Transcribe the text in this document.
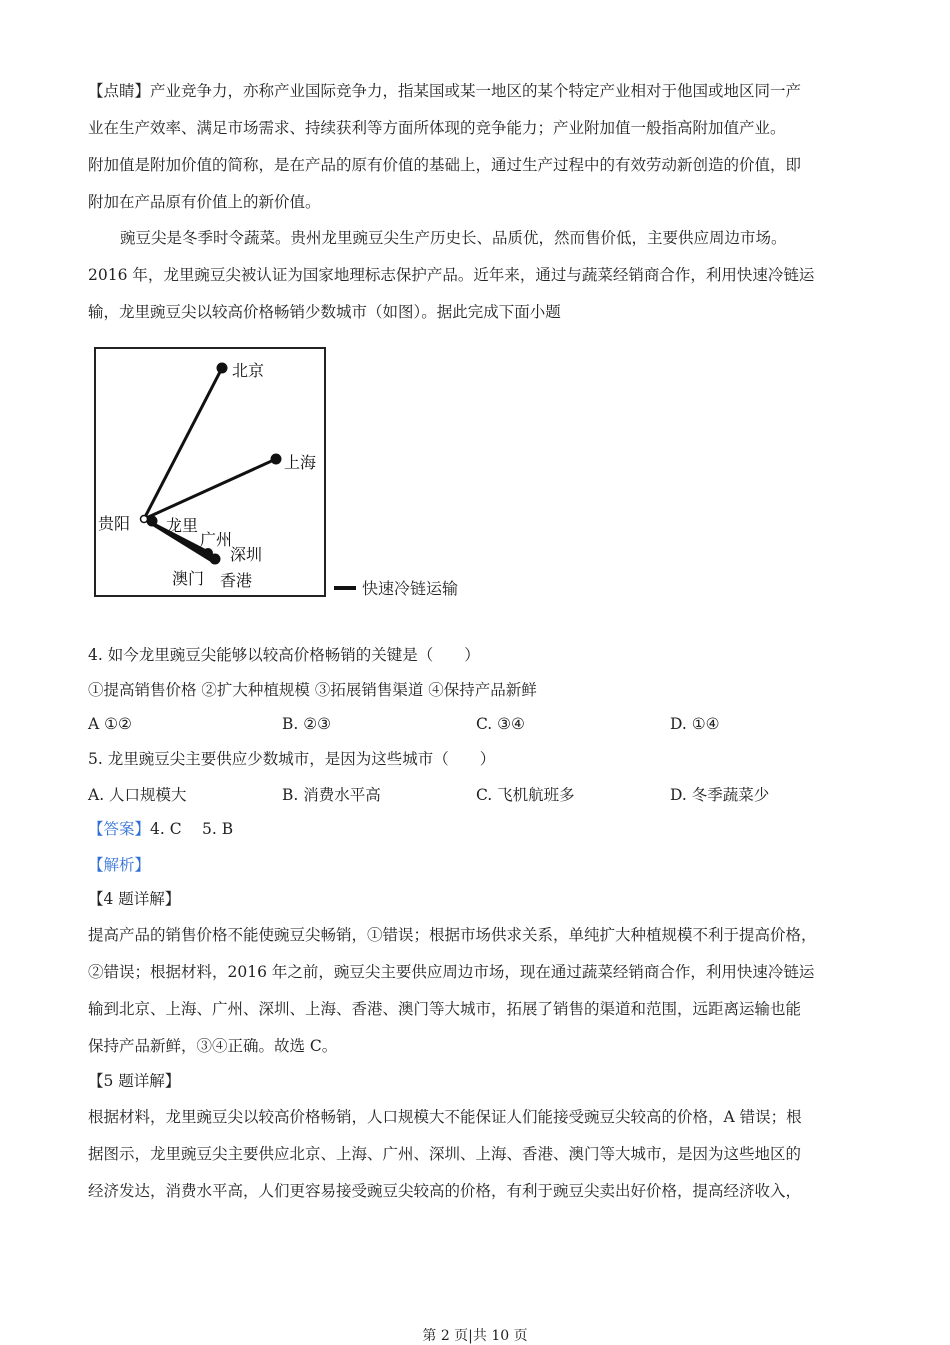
【点睛】产业竞争力，亦称产业国际竞争力，指某国或某一地区的某个特定产业相对于他国或地区同一产
业在生产效率、满足市场需求、持续获利等方面所体现的竞争能力；产业附加值一般指高附加值产业。
附加值是附加价值的简称，是在产品的原有价值的基础上，通过生产过程中的有效劳动新创造的价值，即
附加在产品原有价值上的新价值。
豌豆尖是冬季时令蔬菜。贵州龙里豌豆尖生产历史长、品质优，然而售价低，主要供应周边市场。
2016 年，龙里豌豆尖被认证为国家地理标志保护产品。近年来，通过与蔬菜经销商合作，利用快速冷链运
输，龙里豌豆尖以较高价格畅销少数城市（如图）。据此完成下面小题
北京
上海
贵阳 龙里
广州
深圳
澳门 香港	快速冷链运输
4. 如今龙里豌豆尖能够以较高价格畅销的关键是（　　）
①提高销售价格 ②扩大种植规模 ③拓展销售渠道 ④保持产品新鲜
A ①②	B. ②③	C. ③④	D. ①④
5. 龙里豌豆尖主要供应少数城市，是因为这些城市（　　）
A. 人口规模大	B. 消费水平高	C. 飞机航班多	D. 冬季蔬菜少
【答案】4. C　 5. B
【解析】
【4 题详解】
提高产品的销售价格不能使豌豆尖畅销，①错误；根据市场供求关系，单纯扩大种植规模不利于提高价格，
②错误；根据材料，2016 年之前，豌豆尖主要供应周边市场，现在通过蔬菜经销商合作，利用快速冷链运
输到北京、上海、广州、深圳、上海、香港、澳门等大城市，拓展了销售的渠道和范围，远距离运输也能
保持产品新鲜，③④正确。故选 C。
【5 题详解】
根据材料，龙里豌豆尖以较高价格畅销，人口规模大不能保证人们能接受豌豆尖较高的价格，A 错误；根
据图示，龙里豌豆尖主要供应北京、上海、广州、深圳、上海、香港、澳门等大城市，是因为这些地区的
经济发达，消费水平高，人们更容易接受豌豆尖较高的价格，有利于豌豆尖卖出好价格，提高经济收入，
第 2 页|共 10 页
